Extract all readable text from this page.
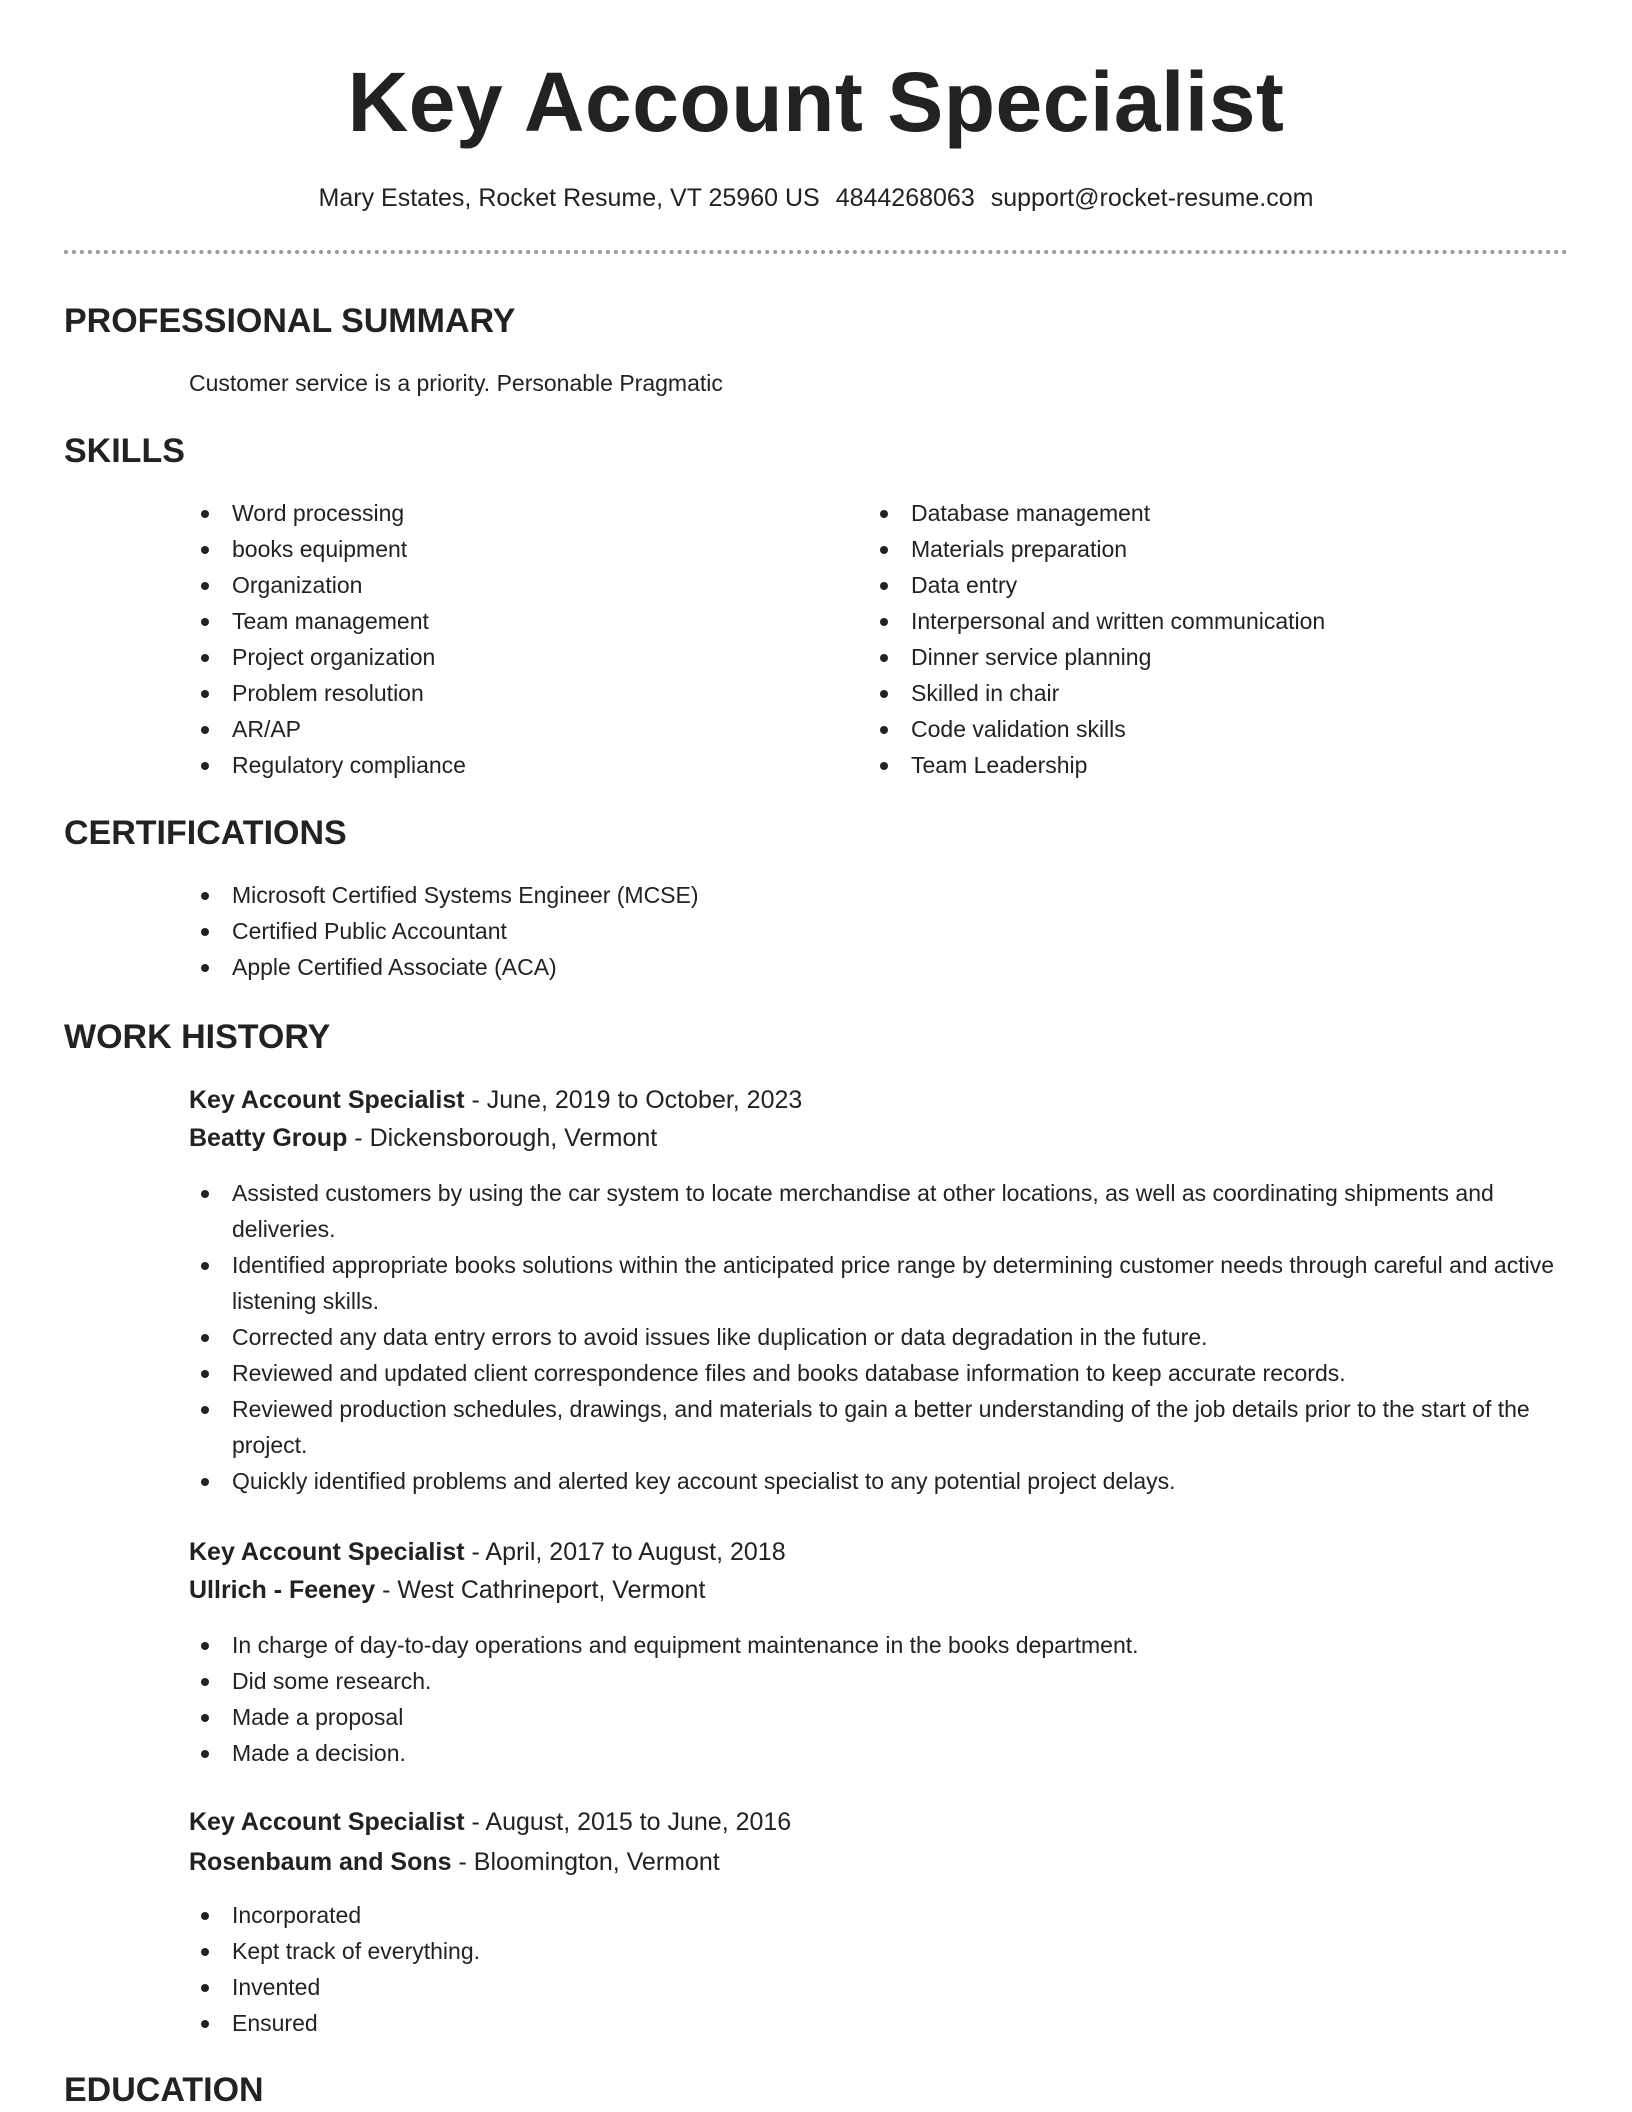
Key Account Specialist
Mary Estates, Rocket Resume, VT 25960 US 4844268063 support@rocket-resume.com
PROFESSIONAL SUMMARY

Customer service is a priority. Personable Pragmatic

SKILLS
Word processing
books equipment
Organization
Team management
Project organization
Problem resolution
AR/AP
Regulatory compliance
Database management
Materials preparation
Data entry
Interpersonal and written communication
Dinner service planning
Skilled in chair
Code validation skills
Team Leadership
CERTIFICATIONS
Microsoft Certified Systems Engineer (MCSE)
Certified Public Accountant
Apple Certified Associate (ACA)
WORK HISTORY
Key Account Specialist - June, 2019 to October, 2023
Beatty Group - Dickensborough, Vermont
Assisted customers by using the car system to locate merchandise at other locations, as well as coordinating shipments and deliveries.
Identified appropriate books solutions within the anticipated price range by determining customer needs through careful and active listening skills.
Corrected any data entry errors to avoid issues like duplication or data degradation in the future.
Reviewed and updated client correspondence files and books database information to keep accurate records.
Reviewed production schedules, drawings, and materials to gain a better understanding of the job details prior to the start of the project.
Quickly identified problems and alerted key account specialist to any potential project delays.
Key Account Specialist - April, 2017 to August, 2018
Ullrich - Feeney - West Cathrineport, Vermont
In charge of day-to-day operations and equipment maintenance in the books department.
Did some research.
Made a proposal
Made a decision.
Key Account Specialist - August, 2015 to June, 2016
Rosenbaum and Sons - Bloomington, Vermont
Incorporated
Kept track of everything.
Invented
Ensured
EDUCATION
